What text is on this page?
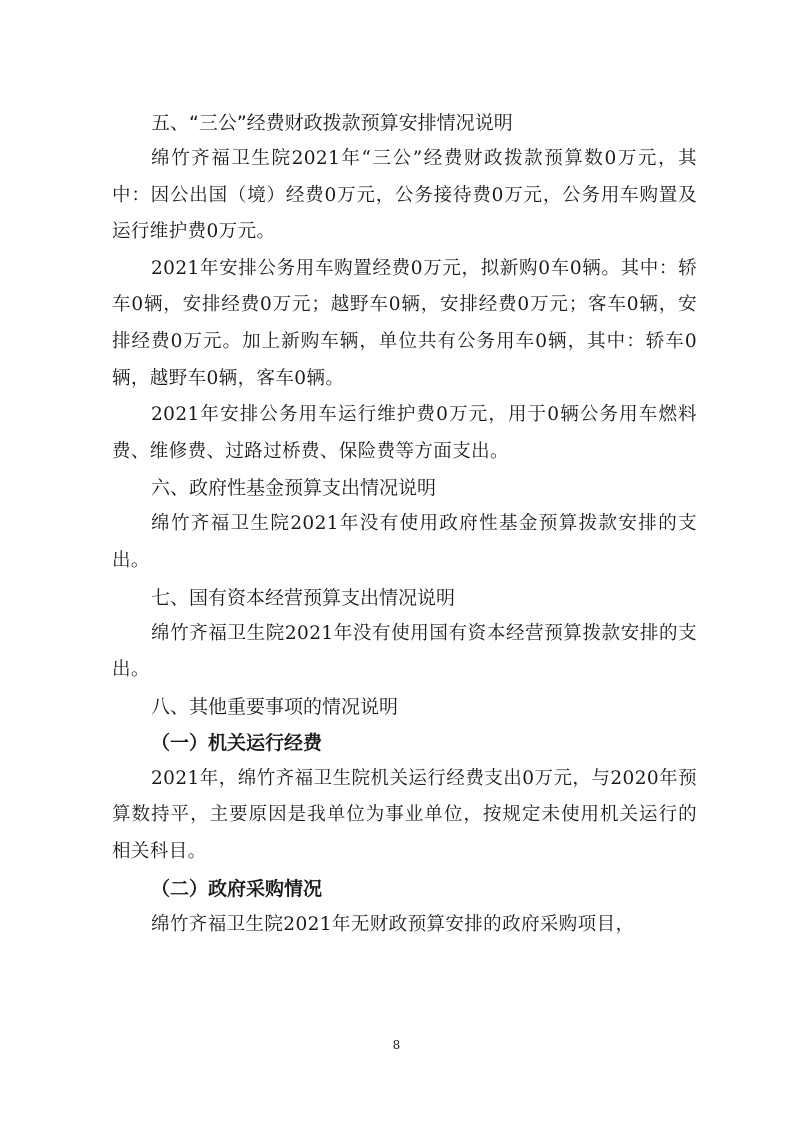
五、“三公”经费财政拨款预算安排情况说明

绵竹齐福卫生院2021年“三公”经费财政拨款预算数0万元，其中：因公出国（境）经费0万元，公务接待费0万元，公务用车购置及运行维护费0万元。

2021年安排公务用车购置经费0万元，拟新购0车0辆。其中：轿车0辆，安排经费0万元；越野车0辆，安排经费0万元；客车0辆，安排经费0万元。加上新购车辆，单位共有公务用车0辆，其中：轿车0辆，越野车0辆，客车0辆。

2021年安排公务用车运行维护费0万元，用于0辆公务用车燃料费、维修费、过路过桥费、保险费等方面支出。

六、政府性基金预算支出情况说明

绵竹齐福卫生院2021年没有使用政府性基金预算拨款安排的支出。

七、国有资本经营预算支出情况说明

绵竹齐福卫生院2021年没有使用国有资本经营预算拨款安排的支出。

八、其他重要事项的情况说明

（一）机关运行经费

2021年，绵竹齐福卫生院机关运行经费支出0万元，与2020年预算数持平，主要原因是我单位为事业单位，按规定未使用机关运行的相关科目。

（二）政府采购情况

绵竹齐福卫生院2021年无财政预算安排的政府采购项目，

8
